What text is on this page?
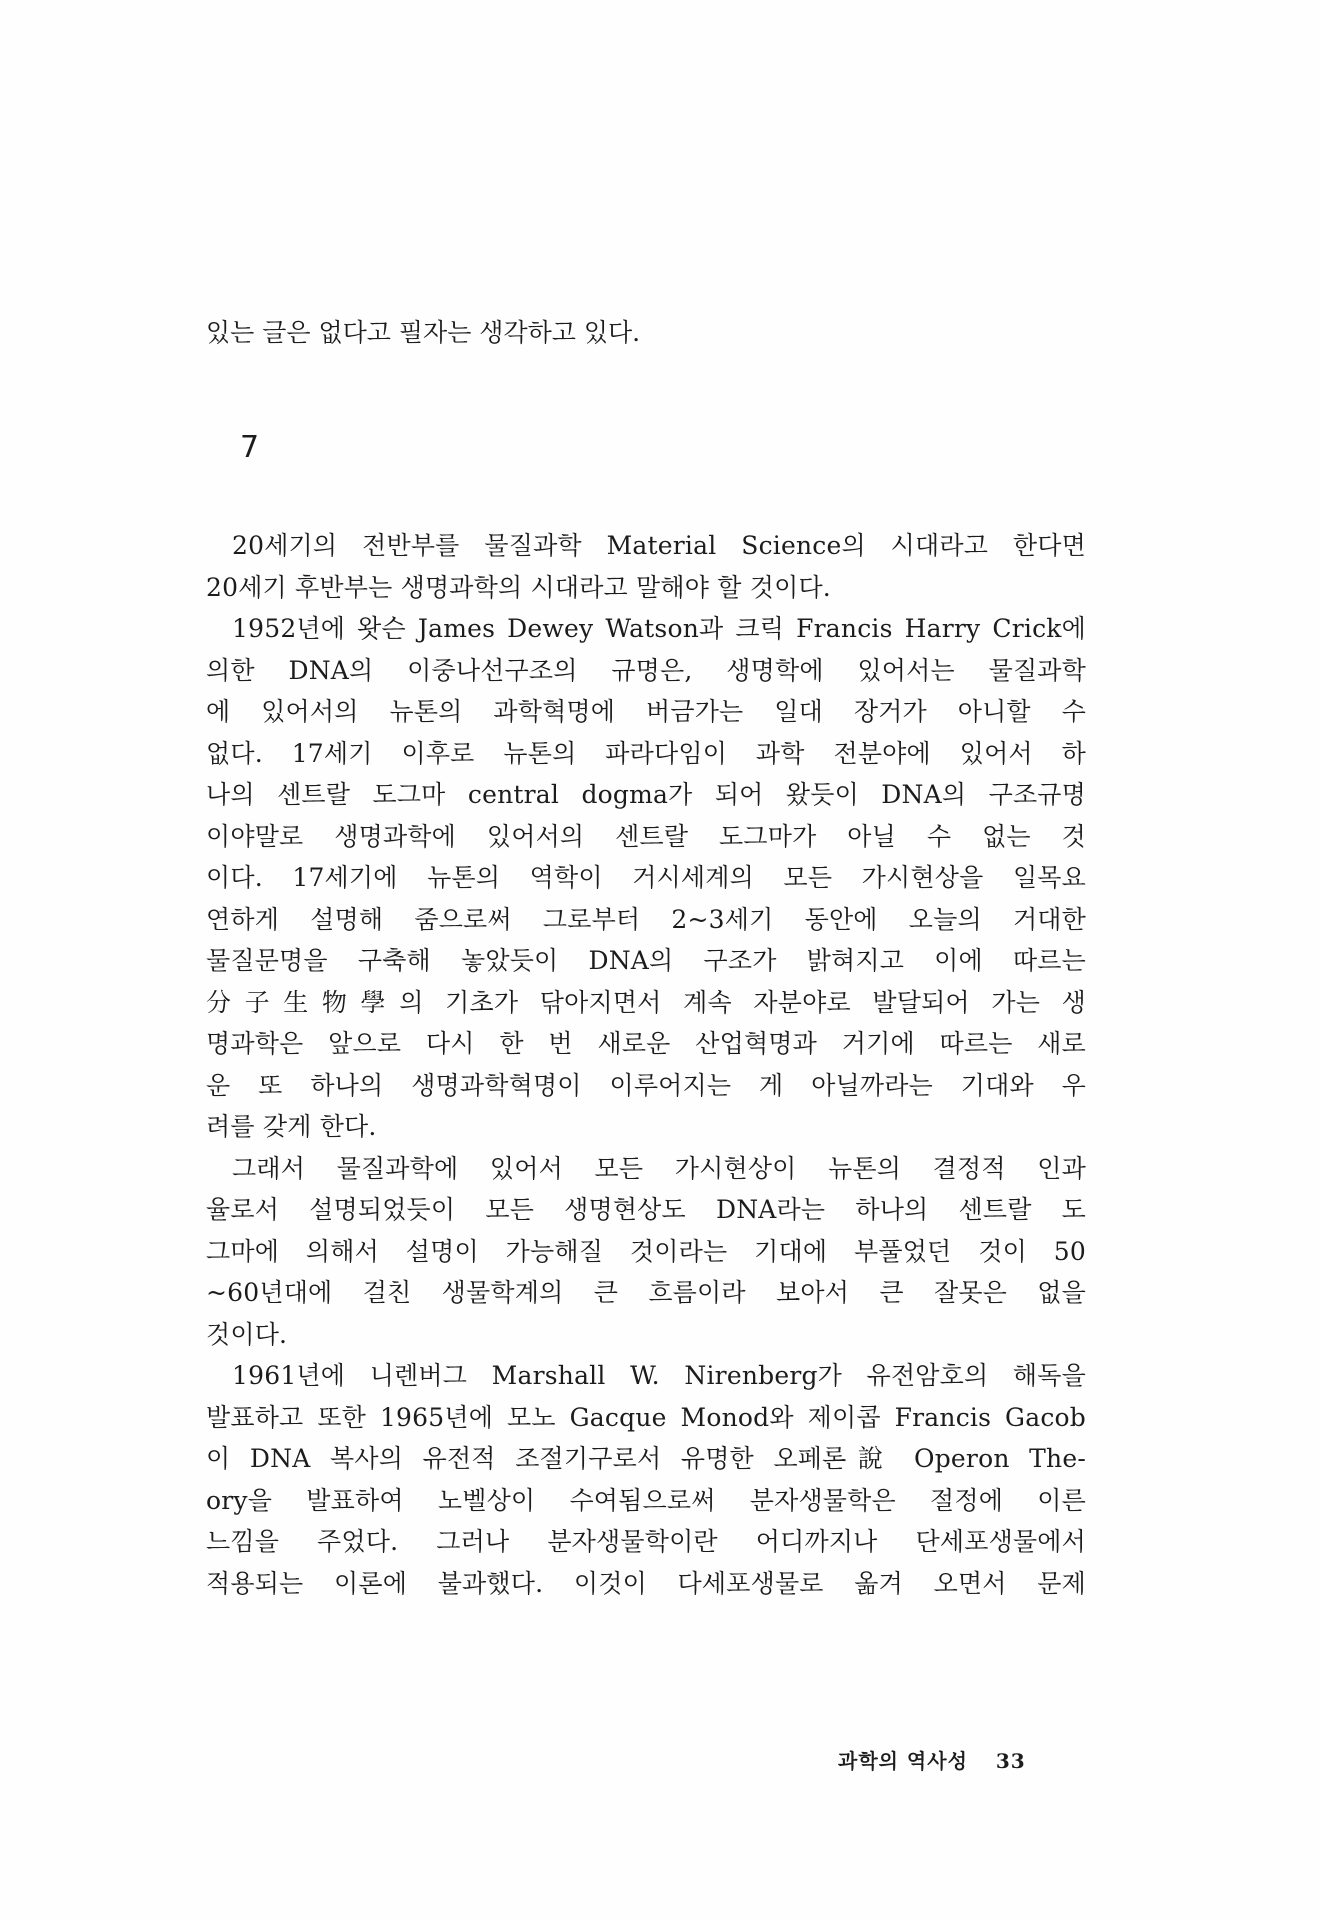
있는 글은 없다고 필자는 생각하고 있다.
7
20세기의 전반부를 물질과학 Material Science의 시대라고 한다면
20세기 후반부는 생명과학의 시대라고 말해야 할 것이다.
1952년에 왓슨 James Dewey Watson과 크릭 Francis Harry Crick에
의한 DNA의 이중나선구조의 규명은, 생명학에 있어서는 물질과학
에 있어서의 뉴톤의 과학혁명에 버금가는 일대 장거가 아니할 수
없다. 17세기 이후로 뉴톤의 파라다임이 과학 전분야에 있어서 하
나의 센트랄 도그마 central dogma가 되어 왔듯이 DNA의 구조규명
이야말로 생명과학에 있어서의 센트랄 도그마가 아닐 수 없는 것
이다. 17세기에 뉴톤의 역학이 거시세계의 모든 가시현상을 일목요
연하게 설명해 줌으로써 그로부터 2~3세기 동안에 오늘의 거대한
물질문명을 구축해 놓았듯이 DNA의 구조가 밝혀지고 이에 따르는
分子生物學의 기초가 닦아지면서 계속 자분야로 발달되어 가는 생
명과학은 앞으로 다시 한 번 새로운 산업혁명과 거기에 따르는 새로
운 또 하나의 생명과학혁명이 이루어지는 게 아닐까라는 기대와 우
려를 갖게 한다.
그래서 물질과학에 있어서 모든 가시현상이 뉴톤의 결정적 인과
율로서 설명되었듯이 모든 생명현상도 DNA라는 하나의 센트랄 도
그마에 의해서 설명이 가능해질 것이라는 기대에 부풀었던 것이 50
~60년대에 걸친 생물학계의 큰 흐름이라 보아서 큰 잘못은 없을
것이다.
1961년에 니렌버그 Marshall W. Nirenberg가 유전암호의 해독을
발표하고 또한 1965년에 모노 Gacque Monod와 제이콥 Francis Gacob
이 DNA 복사의 유전적 조절기구로서 유명한 오페론說 Operon The-
ory을 발표하여 노벨상이 수여됨으로써 분자생물학은 절정에 이른
느낌을 주었다. 그러나 분자생물학이란 어디까지나 단세포생물에서
적용되는 이론에 불과했다. 이것이 다세포생물로 옮겨 오면서 문제
과학의 역사성 33
